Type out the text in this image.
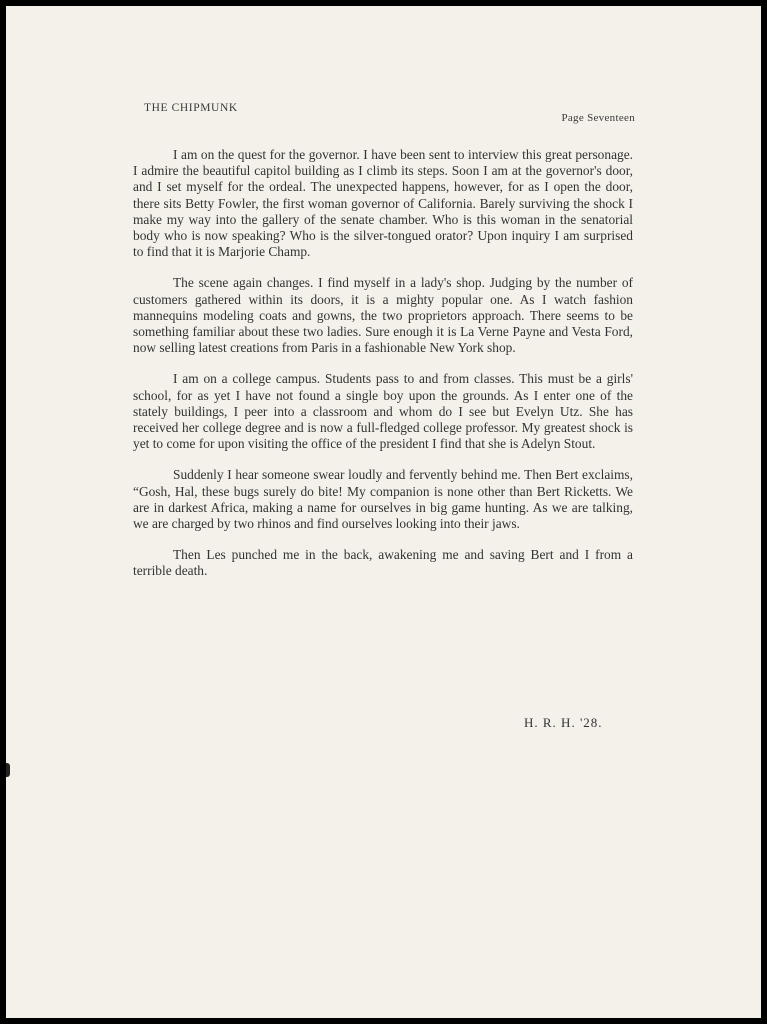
THE CHIPMUNK
Page Seventeen

I am on the quest for the governor. I have been sent to interview this great personage. I admire the beautiful capitol building as I climb its steps. Soon I am at the governor's door, and I set myself for the ordeal. The unexpected happens, however, for as I open the door, there sits Betty Fowler, the first woman governor of California. Barely surviving the shock I make my way into the gallery of the senate chamber. Who is this woman in the senatorial body who is now speaking? Who is the silver-tongued orator? Upon inquiry I am surprised to find that it is Marjorie Champ.

The scene again changes. I find myself in a lady's shop. Judging by the number of customers gathered within its doors, it is a mighty popular one. As I watch fashion mannequins modeling coats and gowns, the two proprietors approach. There seems to be something familiar about these two ladies. Sure enough it is La Verne Payne and Vesta Ford, now selling latest creations from Paris in a fashionable New York shop.

I am on a college campus. Students pass to and from classes. This must be a girls' school, for as yet I have not found a single boy upon the grounds. As I enter one of the stately buildings, I peer into a classroom and whom do I see but Evelyn Utz. She has received her college degree and is now a full-fledged college professor. My greatest shock is yet to come for upon visiting the office of the president I find that she is Adelyn Stout.

Suddenly I hear someone swear loudly and fervently behind me. Then Bert exclaims, “Gosh, Hal, these bugs surely do bite! My companion is none other than Bert Ricketts. We are in darkest Africa, making a name for ourselves in big game hunting. As we are talking, we are charged by two rhinos and find ourselves looking into their jaws.

Then Les punched me in the back, awakening me and saving Bert and I from a terrible death.

H. R. H. '28.
